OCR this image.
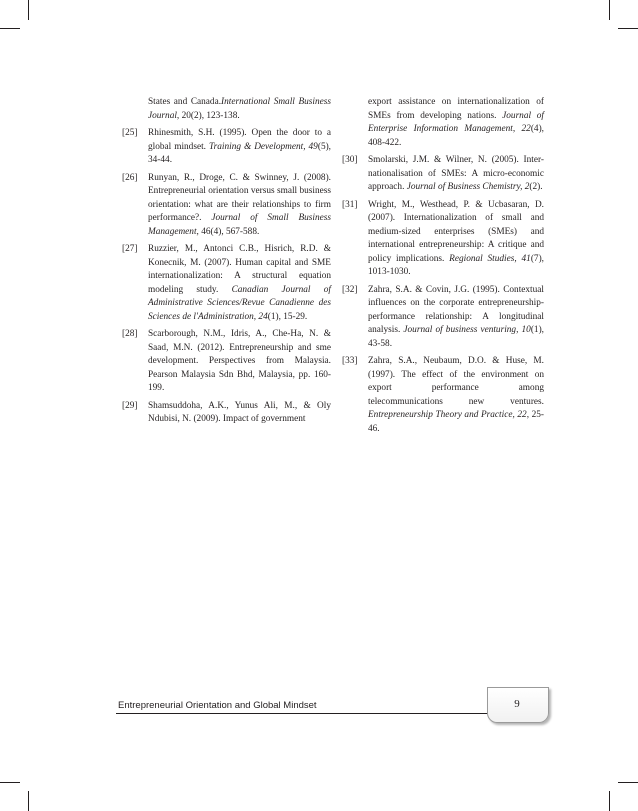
States and Canada.International Small Business Journal, 20(2), 123-138.
[25] Rhinesmith, S.H. (1995). Open the door to a global mindset. Training & Development, 49(5), 34-44.
[26] Runyan, R., Droge, C. & Swinney, J. (2008). Entrepreneurial orientation versus small business orientation: what are their relationships to firm performance?. Journal of Small Business Management, 46(4), 567-588.
[27] Ruzzier, M., Antonci C.B., Hisrich, R.D. & Konecnik, M. (2007). Human capital and SME internationalization: A structural equation modeling study. Canadian Journal of Administrative Sciences/Revue Canadienne des Sciences de l'Administration, 24(1), 15-29.
[28] Scarborough, N.M., Idris, A., Che-Ha, N. & Saad, M.N. (2012). Entrepreneurship and sme development. Perspectives from Malaysia. Pearson Malaysia Sdn Bhd, Malaysia, pp. 160-199.
[29] Shamsuddoha, A.K., Yunus Ali, M., & Oly Ndubisi, N. (2009). Impact of government
export assistance on internationalization of SMEs from developing nations. Journal of Enterprise Information Management, 22(4), 408-422.
[30] Smolarski, J.M. & Wilner, N. (2005). Inter-nationalisation of SMEs: A micro-economic approach. Journal of Business Chemistry, 2(2).
[31] Wright, M., Westhead, P. & Ucbasaran, D. (2007). Internationalization of small and medium-sized enterprises (SMEs) and international entrepreneurship: A critique and policy implications. Regional Studies, 41(7), 1013-1030.
[32] Zahra, S.A. & Covin, J.G. (1995). Contextual influences on the corporate entrepreneurship-performance relationship: A longitudinal analysis. Journal of business venturing, 10(1), 43-58.
[33] Zahra, S.A., Neubaum, D.O. & Huse, M. (1997). The effect of the environment on export performance among telecommunications new ventures. Entrepreneurship Theory and Practice, 22, 25-46.
Entrepreneurial Orientation and Global Mindset	9
